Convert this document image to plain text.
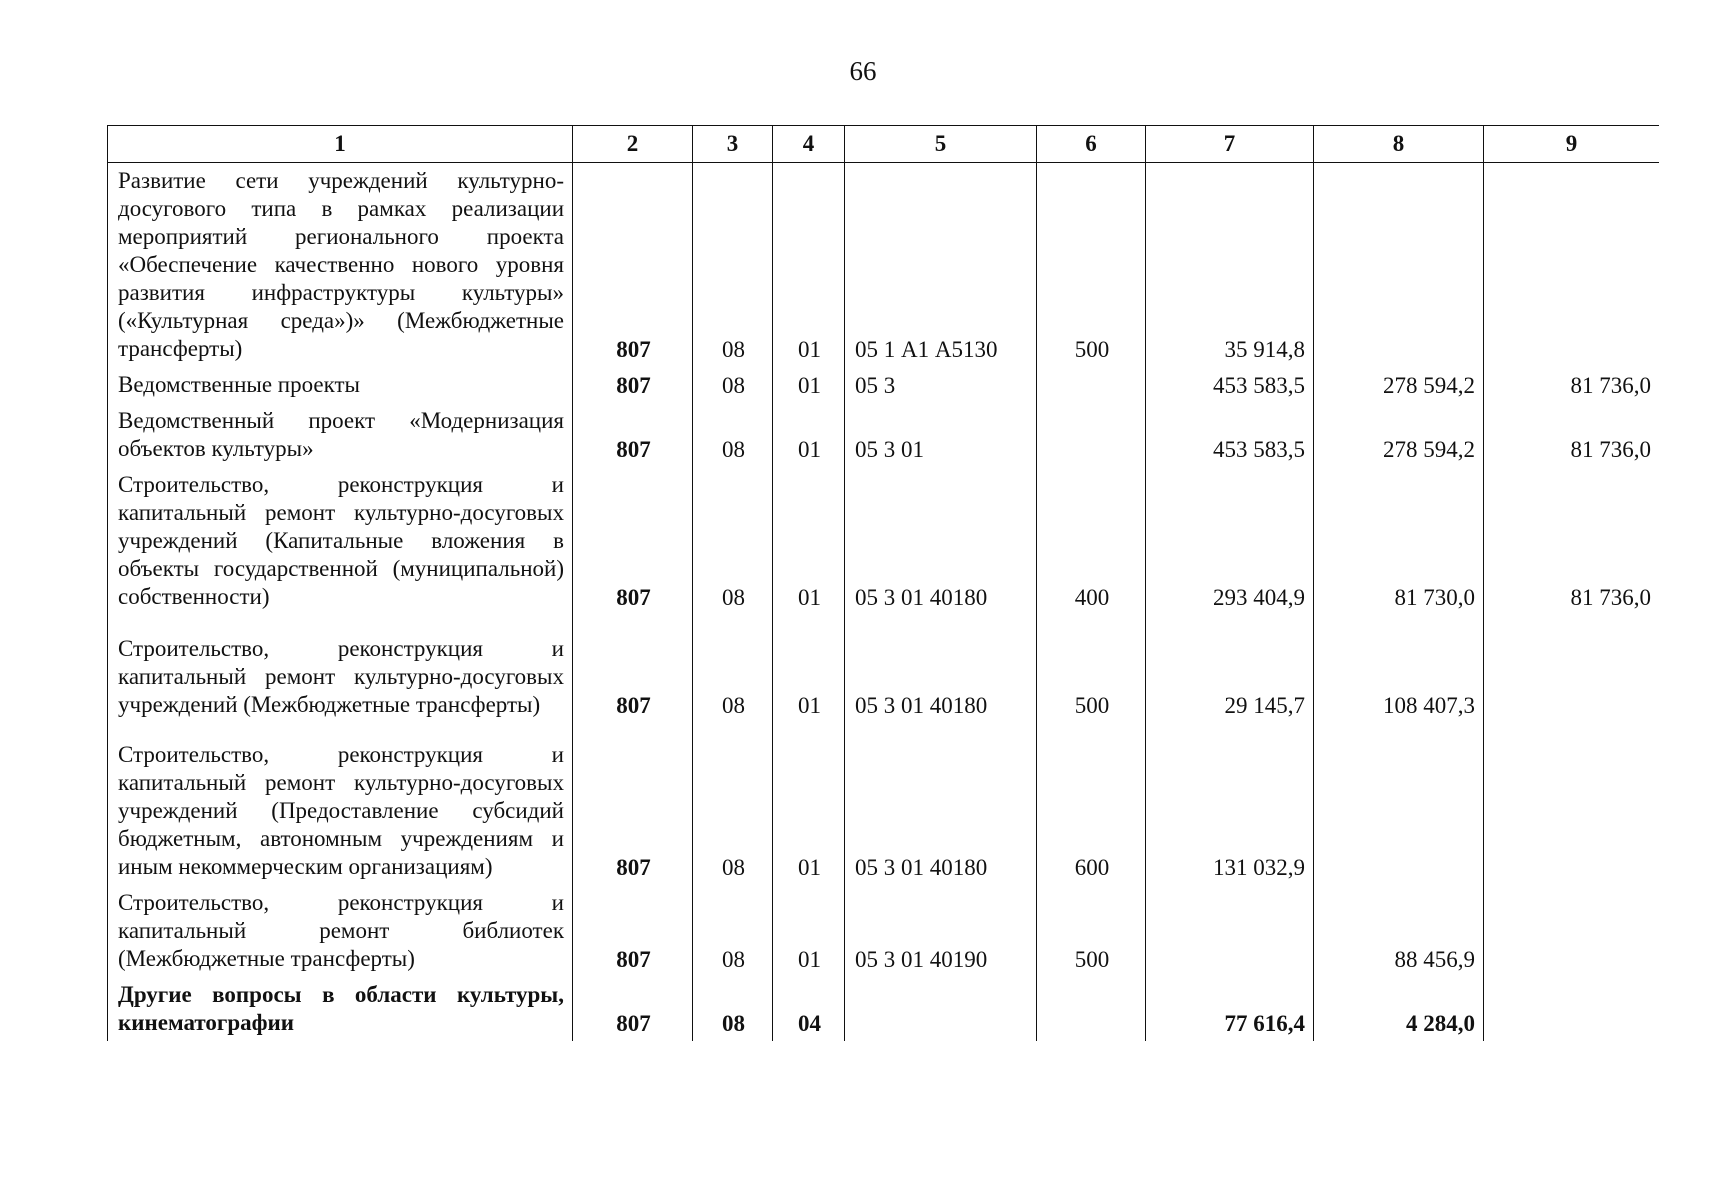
66
1	2	3	4	5	6	7	8	9
Развитие сети учреждений культурно-досугового типа в рамках реализации мероприятий регионального проекта «Обеспечение качественно нового уровня развития инфраструктуры культуры» («Культурная среда»)» (Межбюджетные трансферты)	807	08	01	05 1 А1 А5130	500	35 914,8		
Ведомственные проекты	807	08	01	05 3		453 583,5	278 594,2	81 736,0
Ведомственный проект «Модернизация объектов культуры»	807	08	01	05 3 01		453 583,5	278 594,2	81 736,0
Строительство, реконструкция и капитальный ремонт культурно-досуговых учреждений (Капитальные вложения в объекты государственной (муниципальной) собственности)	807	08	01	05 3 01 40180	400	293 404,9	81 730,0	81 736,0
Строительство, реконструкция и капитальный ремонт культурно-досуговых учреждений (Межбюджетные трансферты)	807	08	01	05 3 01 40180	500	29 145,7	108 407,3	
Строительство, реконструкция и капитальный ремонт культурно-досуговых учреждений (Предоставление субсидий бюджетным, автономным учреждениям и иным некоммерческим организациям)	807	08	01	05 3 01 40180	600	131 032,9		
Строительство, реконструкция и капитальный ремонт библиотек (Межбюджетные трансферты)	807	08	01	05 3 01 40190	500		88 456,9	
Другие вопросы в области культуры, кинематографии	807	08	04			77 616,4	4 284,0	
